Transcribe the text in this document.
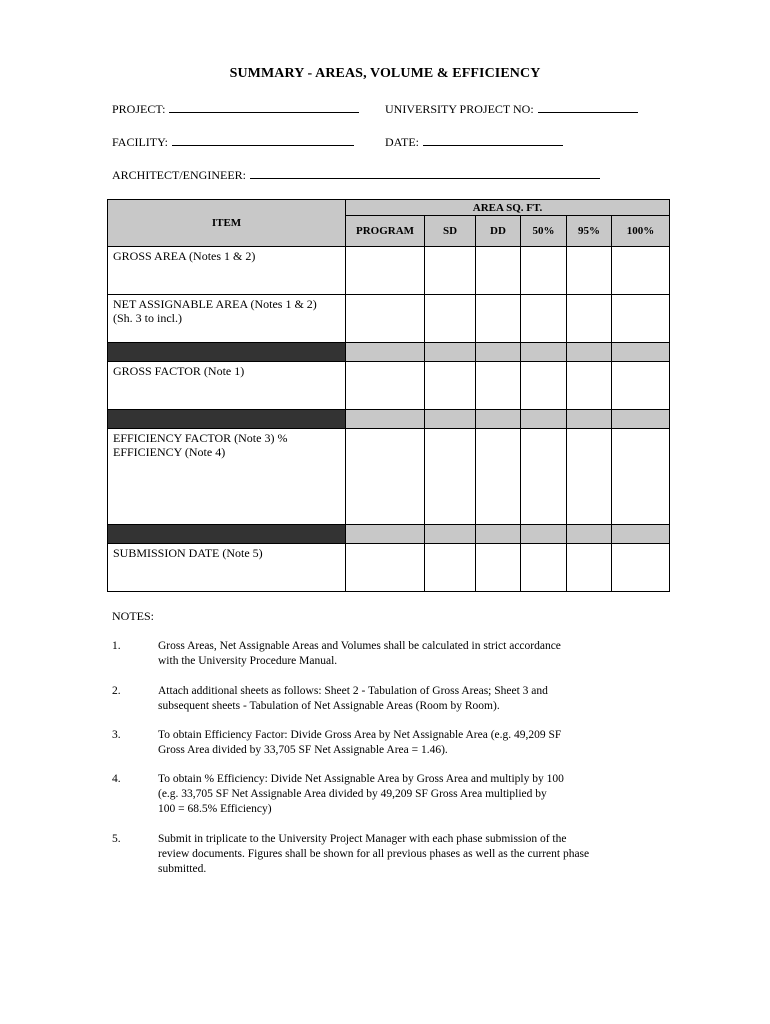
SUMMARY - AREAS, VOLUME & EFFICIENCY
PROJECT:	UNIVERSITY PROJECT NO:
FACILITY:	DATE:
ARCHITECT/ENGINEER:
ITEM	AREA SQ. FT.					
	PROGRAM	SD	DD	50%	95%	100%
GROSS AREA (Notes 1 & 2)						

NET ASSIGNABLE AREA (Notes 1 & 2)
(Sh. 3 to incl.)						

GROSS FACTOR (Note 1)						

EFFICIENCY FACTOR (Note 3) %
EFFICIENCY (Note 4)						

SUBMISSION DATE (Note 5)						
NOTES:
1.	Gross Areas, Net Assignable Areas and Volumes shall be calculated in strict accordance
with the University Procedure Manual.
2.	Attach additional sheets as follows: Sheet 2 - Tabulation of Gross Areas; Sheet 3 and
subsequent sheets - Tabulation of Net Assignable Areas (Room by Room).
3.	To obtain Efficiency Factor: Divide Gross Area by Net Assignable Area (e.g. 49,209 SF
Gross Area divided by 33,705 SF Net Assignable Area = 1.46).
4.	To obtain % Efficiency: Divide Net Assignable Area by Gross Area and multiply by 100
(e.g. 33,705 SF Net Assignable Area divided by 49,209 SF Gross Area multiplied by
100 = 68.5% Efficiency)
5.	Submit in triplicate to the University Project Manager with each phase submission of the
review documents. Figures shall be shown for all previous phases as well as the current phase
submitted.
